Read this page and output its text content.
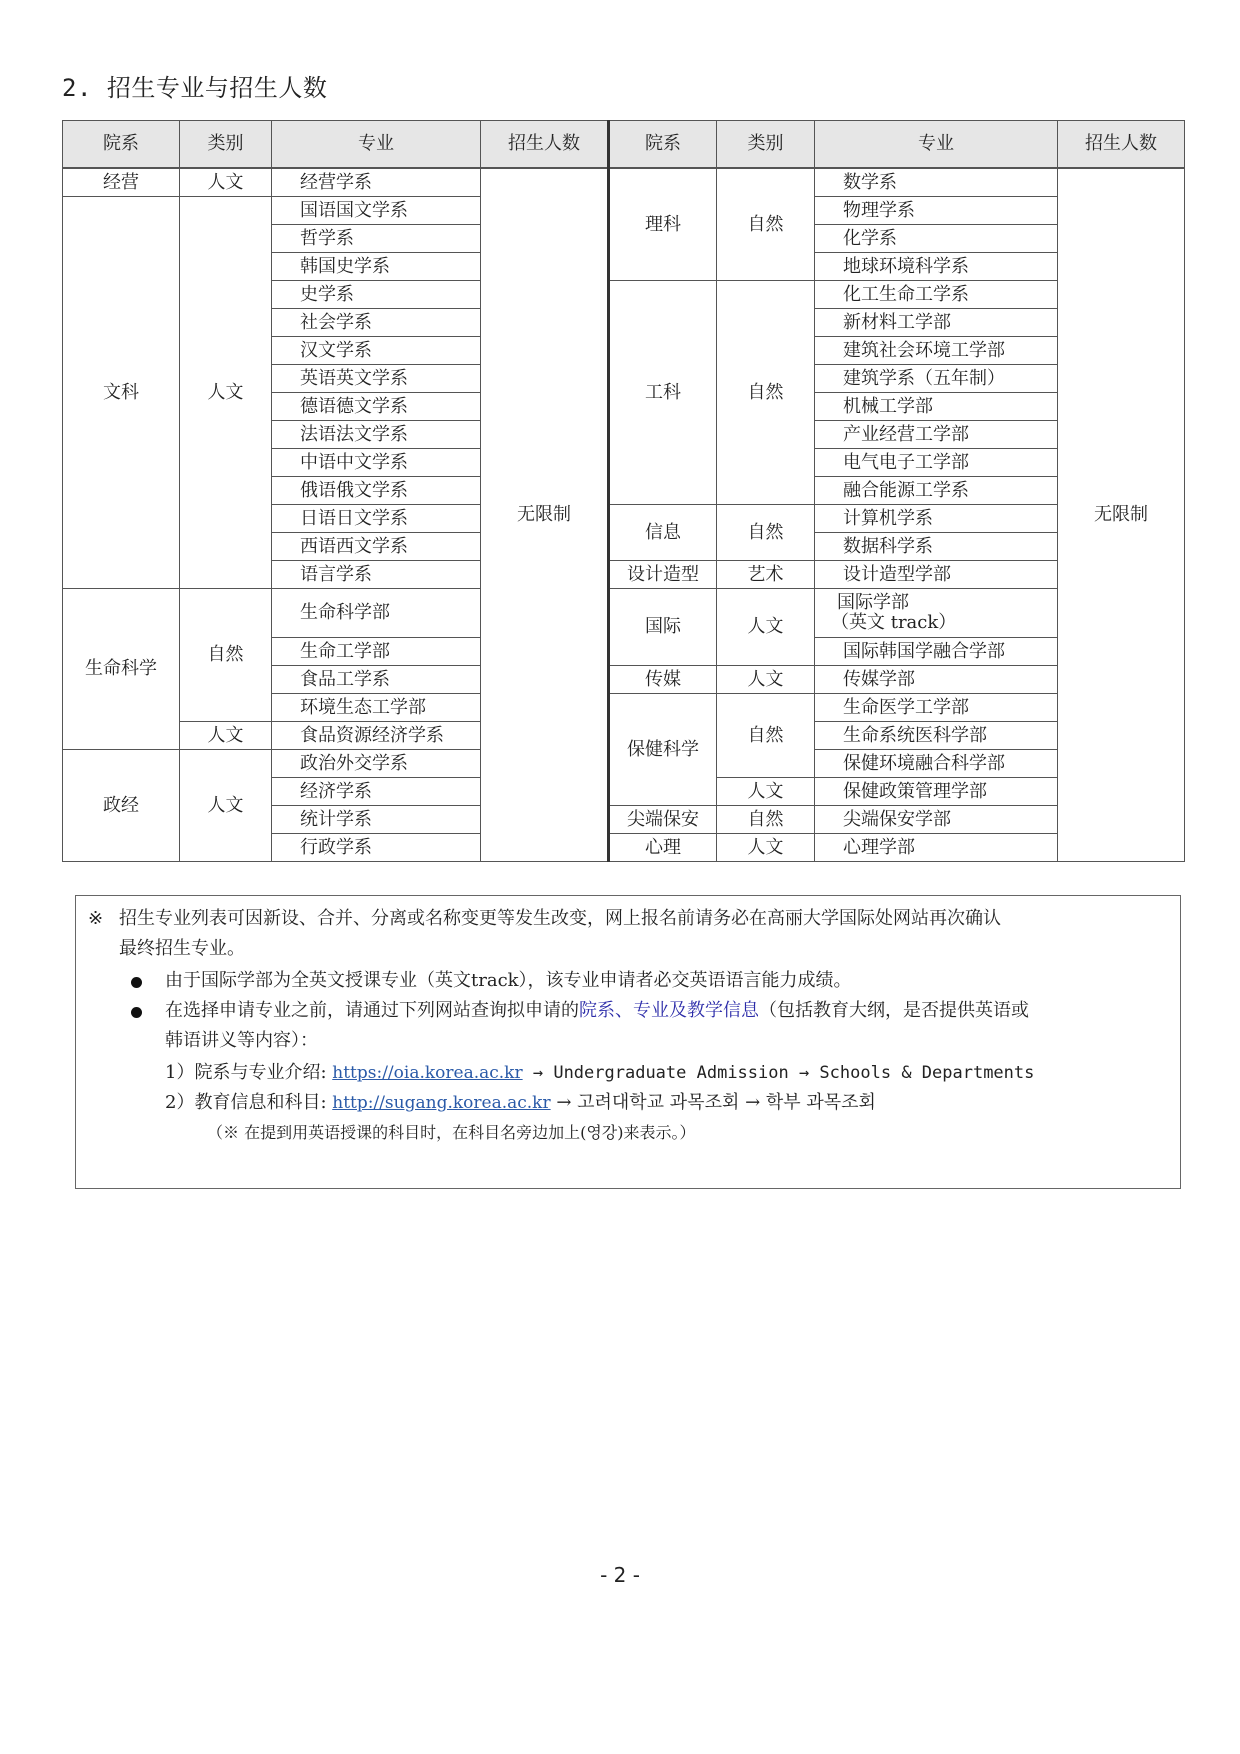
2. 招生专业与招生人数
院系	类别	专业	招生人数	院系	类别	专业	招生人数
经营	人文	经营学系	无限制	理科	自然	数学系	无限制
文科	人文	国语国文学系				物理学系	
		哲学系				化学系	
		韩国史学系				地球环境科学系	
		史学系		工科	自然	化工生命工学系	
		社会学系				新材料工学部	
		汉文学系				建筑社会环境工学部	
		英语英文学系				建筑学系（五年制）	
		德语德文学系				机械工学部	
		法语法文学系				产业经营工学部	
		中语中文学系				电气电子工学部	
		俄语俄文学系				融合能源工学系	
		日语日文学系		信息	自然	计算机学系	
		西语西文学系				数据科学系	
		语言学系		设计造型	艺术	设计造型学部	
生命科学	自然	生命科学部		国际	人文	国际学部
（英文 track）	

		生命工学部				国际韩国学融合学部	
		食品工学系		传媒	人文	传媒学部	
		环境生态工学部		保健科学	自然	生命医学工学部	
	人文	食品资源经济学系				生命系统医科学部	
政经	人文	政治外交学系				保健环境融合科学部	
		经济学系			人文	保健政策管理学部	
		统计学系		尖端保安	自然	尖端保安学部	
		行政学系		心理	人文	心理学部	
※ 招生专业列表可因新设、合并、分离或名称变更等发生改变，网上报名前请务必在高丽大学国际处网站再次确认
最终招生专业。
由于国际学部为全英文授课专业（英文track），该专业申请者必交英语语言能力成绩。
在选择申请专业之前，请通过下列网站查询拟申请的院系、专业及教学信息（包括教育大纲，是否提供英语或
韩语讲义等内容）：
1）院系与专业介绍: https://oia.korea.ac.kr → Undergraduate Admission → Schools & Departments
2）教育信息和科目: http://sugang.korea.ac.kr → 고려대학교 과목조회 → 학부 과목조회
（※ 在提到用英语授课的科目时，在科目名旁边加上(영강)来表示。）
- 2 -
